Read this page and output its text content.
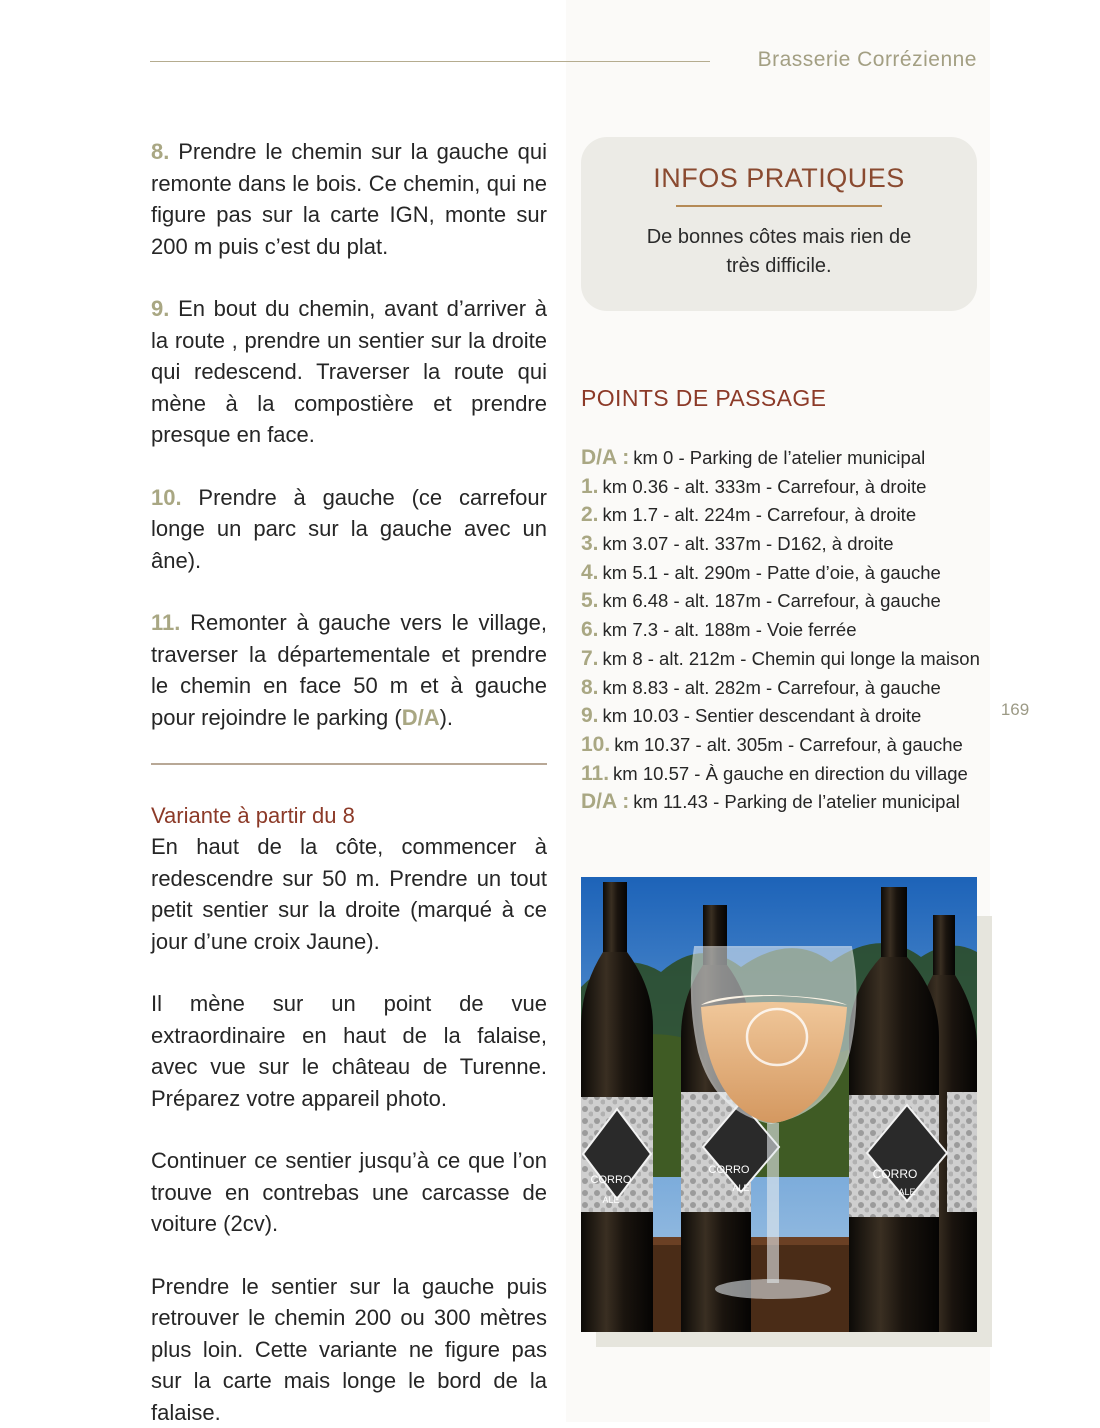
Brasserie Corrézienne
169

8. Prendre le chemin sur la gauche qui remonte dans le bois. Ce chemin, qui ne figure pas sur la carte IGN, monte sur 200 m puis c’est du plat.

9. En bout du chemin, avant d’arriver à la route , prendre un sentier sur la droite qui redescend. Traverser la route qui mène à la compostière et prendre presque en face.

10. Prendre à gauche (ce carrefour longe un parc sur la gauche avec un âne).

11. Remonter à gauche vers le village, traverser la départementale et prendre le chemin en face 50 m et à gauche pour rejoindre le parking (D/A).

Variante à partir du 8

En haut de la côte, commencer à redescendre sur 50 m. Prendre un tout petit sentier sur la droite (marqué à ce jour d’une croix Jaune).

Il mène sur un point de vue extraordinaire en haut de la falaise, avec vue sur le château de Turenne. Préparez votre appareil photo.

Continuer ce sentier jusqu’à ce que l’on trouve en contrebas une carcasse de voiture (2cv).

Prendre le sentier sur la gauche puis retrouver le chemin 200 ou 300 mètres plus loin. Cette variante ne figure pas sur la carte mais longe le bord de la falaise.

INFOS PRATIQUES
De bonnes côtes mais rien de très difficile.
POINTS DE PASSAGE
D/A : km 0 - Parking de l’atelier municipal
1. km 0.36 - alt. 333m - Carrefour, à droite
2. km 1.7 - alt. 224m - Carrefour, à droite
3. km 3.07 - alt. 337m - D162, à droite
4. km 5.1 - alt. 290m - Patte d’oie, à gauche
5. km 6.48 - alt. 187m - Carrefour, à gauche
6. km 7.3 - alt. 188m - Voie ferrée
7. km 8 - alt. 212m - Chemin qui longe la maison
8. km 8.83 - alt. 282m - Carrefour, à gauche
9. km 10.03 - Sentier descendant à droite
10. km 10.37 - alt. 305m - Carrefour, à gauche
11. km 10.57 - À gauche en direction du village
D/A : km 11.43 - Parking de l’atelier municipal
CORRO
ALE
CORRO
ALE
CORRO
ALE
